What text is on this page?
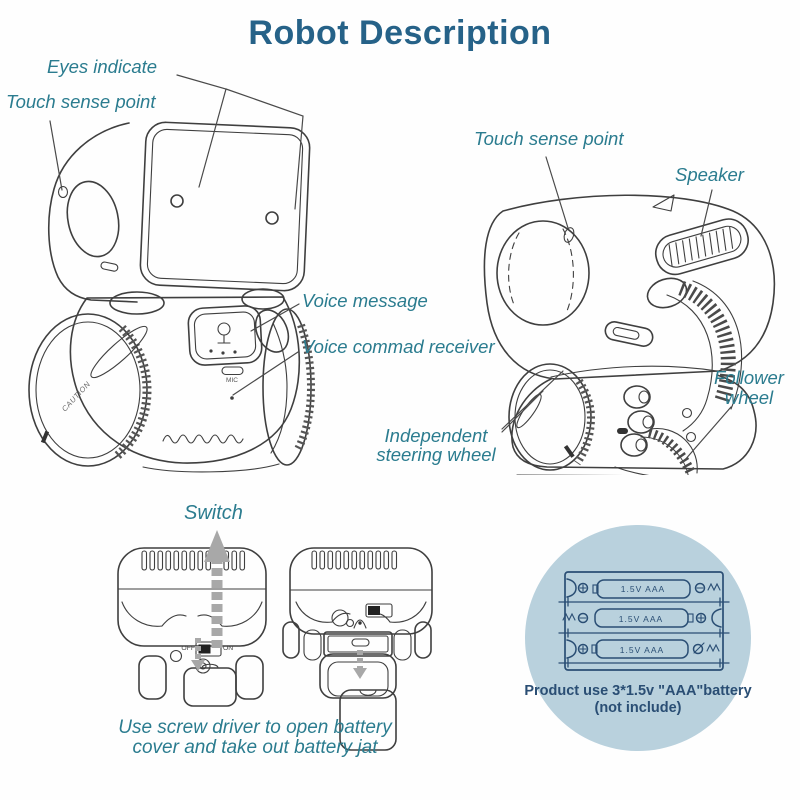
CAUTION	MIC
OFF	ON
1.5V AAA
1.5V AAA
1.5V AAA
Product use 3*1.5v "AAA"battery
(not include)
Robot Description
Eyes indicate
Touch sense point
Voice message
Voice commad receiver
Touch sense point
Speaker
Follower
wheel
Independent
steering wheel
Switch
Use screw driver to open battery
cover and take out battery jat
